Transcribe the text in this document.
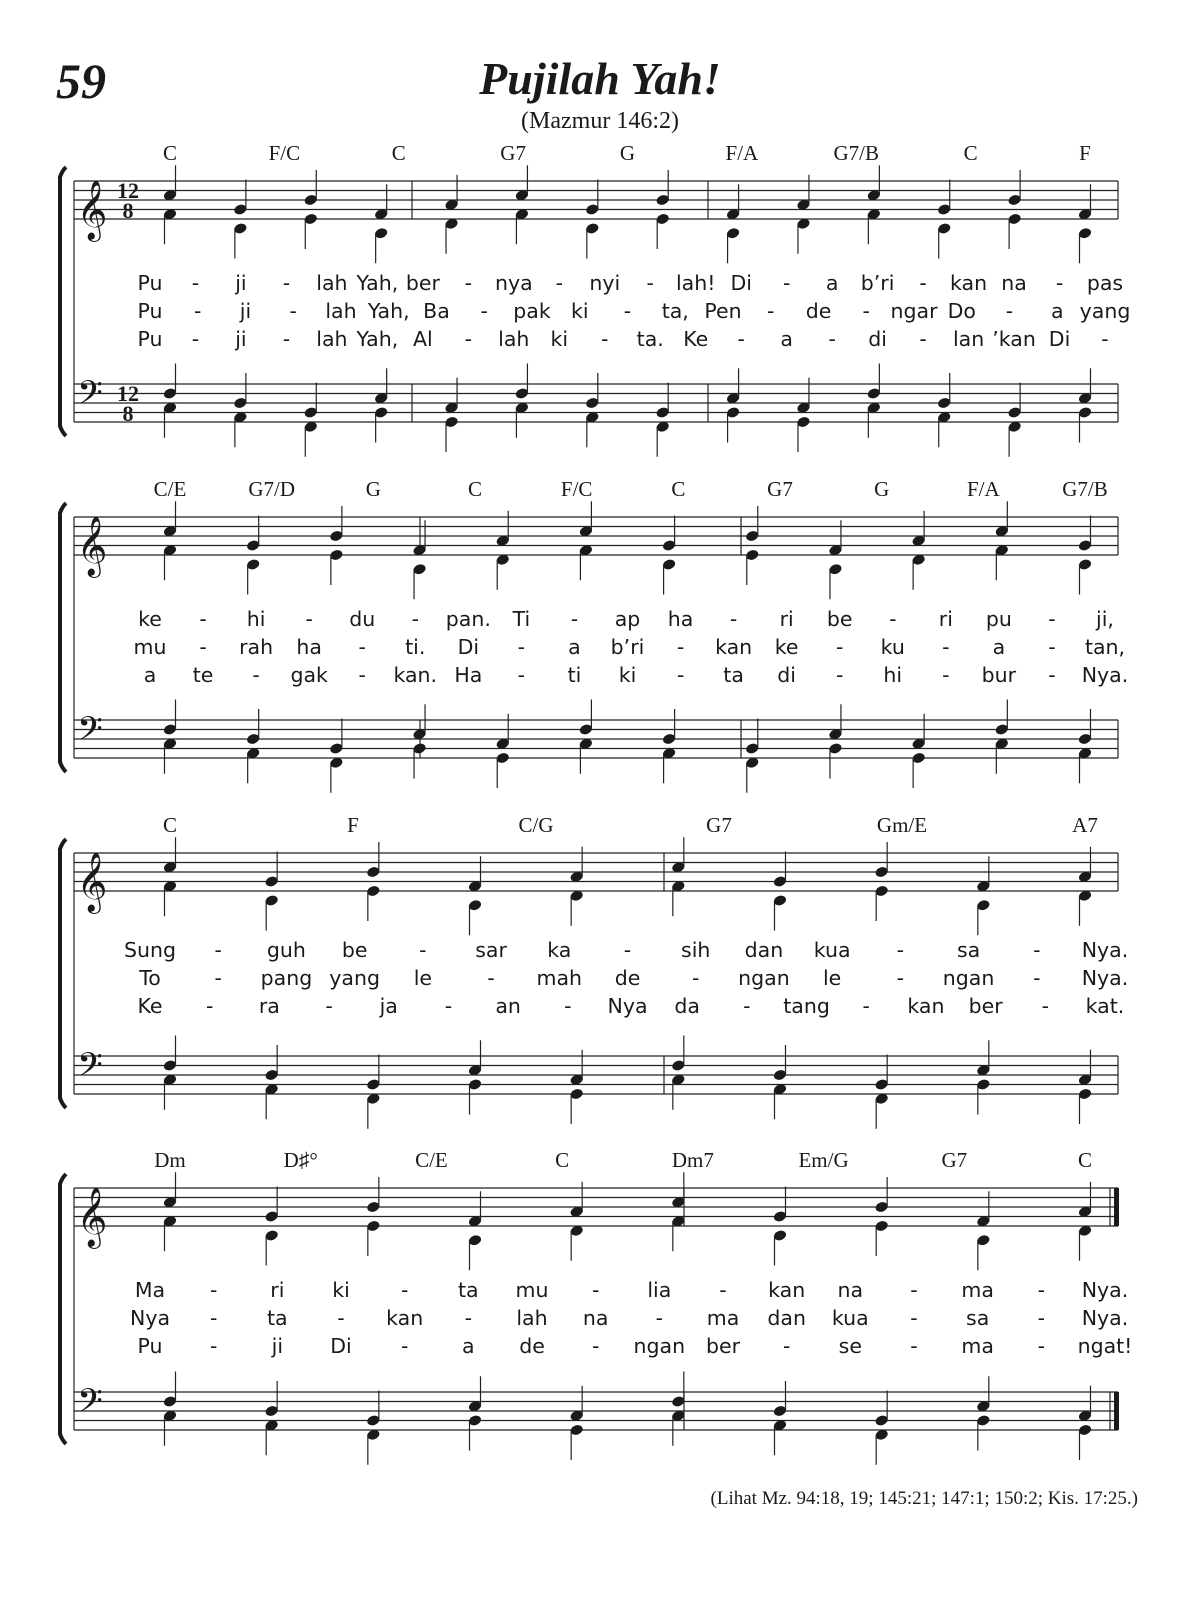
59	Pujilah Yah!
(Mazmur 146:2)
𝄞
𝄢
12
8
12
8
C	F/C	C	G7	G	F/A	G7/B	C	F
Pu - ji - lah Yah, ber - nya - nyi - lah! Di - a b’ri - kan na - pas
Pu - ji - lah Yah, Ba - pak ki - ta, Pen - de - ngar Do - a yang
Pu - ji - lah Yah, Al - lah ki - ta. Ke - a - di - lan ’kan Di -
𝄞
𝄢
C/E	G7/D	G	C	F/C	C	G7	G	F/A	G7/B
ke - hi - du - pan. Ti - ap ha - ri be - ri pu - ji,
mu - rah ha - ti. Di - a b’ri - kan ke - ku - a - tan,
a te - gak - kan. Ha - ti ki - ta di - hi - bur - Nya.
𝄞
𝄢
C	F	C/G	G7	Gm/E	A7
Sung - guh be	- sar ka	- sih dan kua -	sa	- Nya.
To	- pang yang le	- mah de	- ngan le	- ngan - Nya.
Ke - ra - ja - an - Nya da - tang - kan ber - kat.
𝄞
𝄢
Dm	D♯°	C/E	C	Dm7	Em/G	G7	C
Ma -	ri ki - ta mu - lia - kan na - ma - Nya.
Nya - ta - kan - lah na - ma dan kua - sa - Nya.
Pu -	ji Di -	a de - ngan ber - se - ma - ngat!
(Lihat Mz. 94:18, 19; 145:21; 147:1; 150:2; Kis. 17:25.)
